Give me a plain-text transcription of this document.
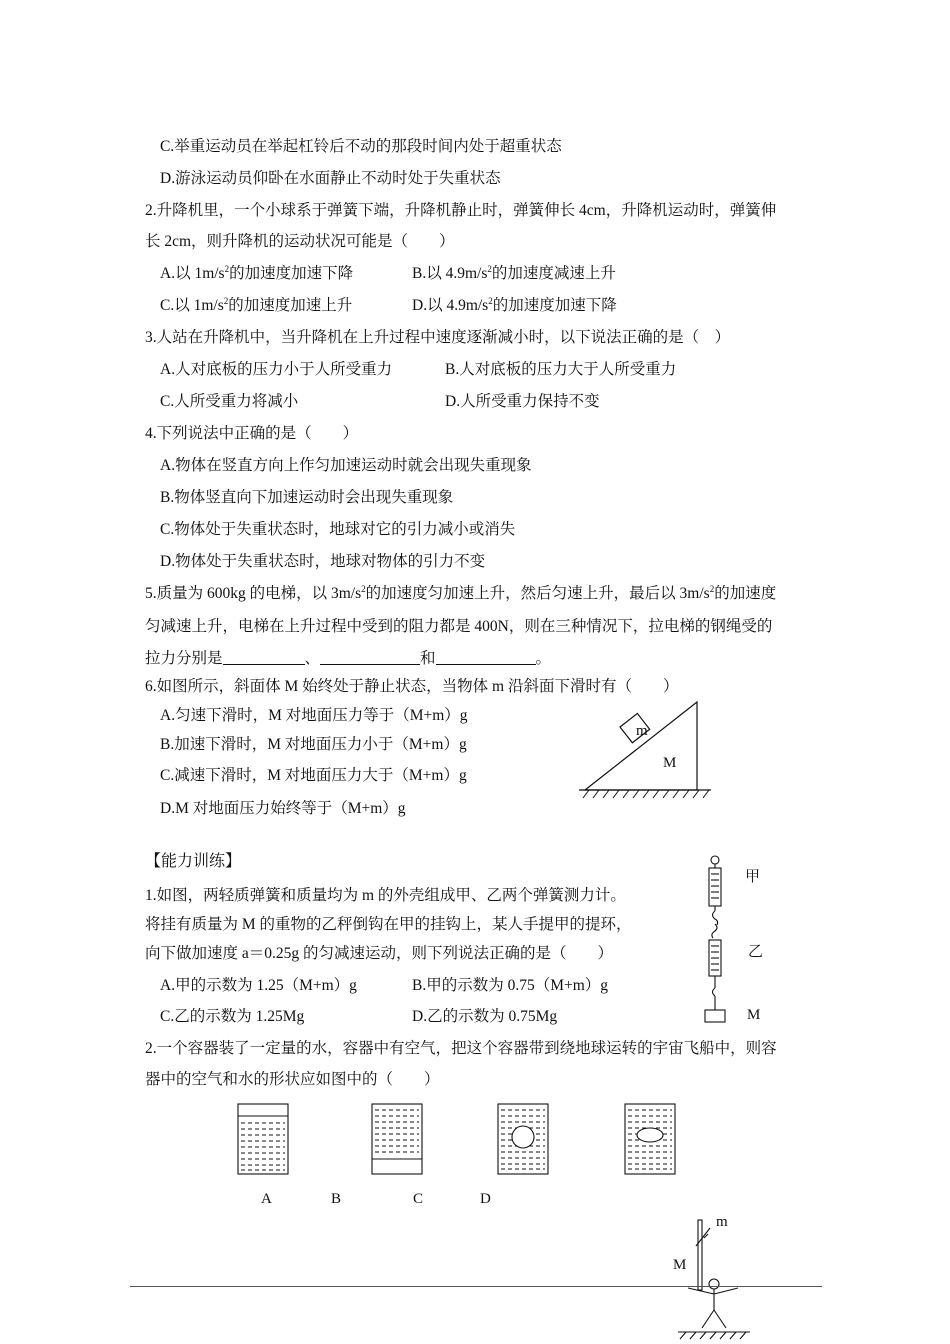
C.举重运动员在举起杠铃后不动的那段时间内处于超重状态
D.游泳运动员仰卧在水面静止不动时处于失重状态
2.升降机里，一个小球系于弹簧下端，升降机静止时，弹簧伸长 4cm，升降机运动时，弹簧伸
长 2cm，则升降机的运动状况可能是（　　）
A.以 $1m/s^2$的加速度加速下降	B.以 $4.9m/s^2$的加速度减速上升
C.以 $1m/s^2$的加速度加速上升	D.以 $4.9m/s^2$的加速度加速下降
3.人站在升降机中，当升降机在上升过程中速度逐渐减小时，以下说法正确的是（　）
A.人对底板的压力小于人所受重力	B.人对底板的压力大于人所受重力
C.人所受重力将减小	D.人所受重力保持不变
4.下列说法中正确的是（　　）
A.物体在竖直方向上作匀加速运动时就会出现失重现象
B.物体竖直向下加速运动时会出现失重现象
C.物体处于失重状态时，地球对它的引力减小或消失
D.物体处于失重状态时，地球对物体的引力不变
5.质量为 600kg 的电梯，以 $3m/s^2$的加速度匀加速上升，然后匀速上升，最后以 $3m/s^2$的加速度
匀减速上升，电梯在上升过程中受到的阻力都是 400N，则在三种情况下，拉电梯的钢绳受的
拉力分别是	、	和	。
6.如图所示，斜面体 M 始终处于静止状态，当物体 m 沿斜面下滑时有（　　）
A.匀速下滑时，M 对地面压力等于（M+m）g
B.加速下滑时，M 对地面压力小于（M+m）g
C.减速下滑时，M 对地面压力大于（M+m）g
D.M 对地面压力始终等于（M+m）g
m
M
【能力训练】
1.如图，两轻质弹簧和质量均为 m 的外壳组成甲、乙两个弹簧测力计。
将挂有质量为 M 的重物的乙秤倒钩在甲的挂钩上，某人手提甲的提环，
向下做加速度 a＝0.25g 的匀减速运动，则下列说法正确的是（　　）
A.甲的示数为 1.25（M+m）g	B.甲的示数为 0.75（M+m）g
C.乙的示数为 1.25Mg	D.乙的示数为 0.75Mg
甲
乙
M
2.一个容器装了一定量的水，容器中有空气，把这个容器带到绕地球运转的宇宙飞船中，则容
器中的空气和水的形状应如图中的（　　）
A	B	C	D
m
M
